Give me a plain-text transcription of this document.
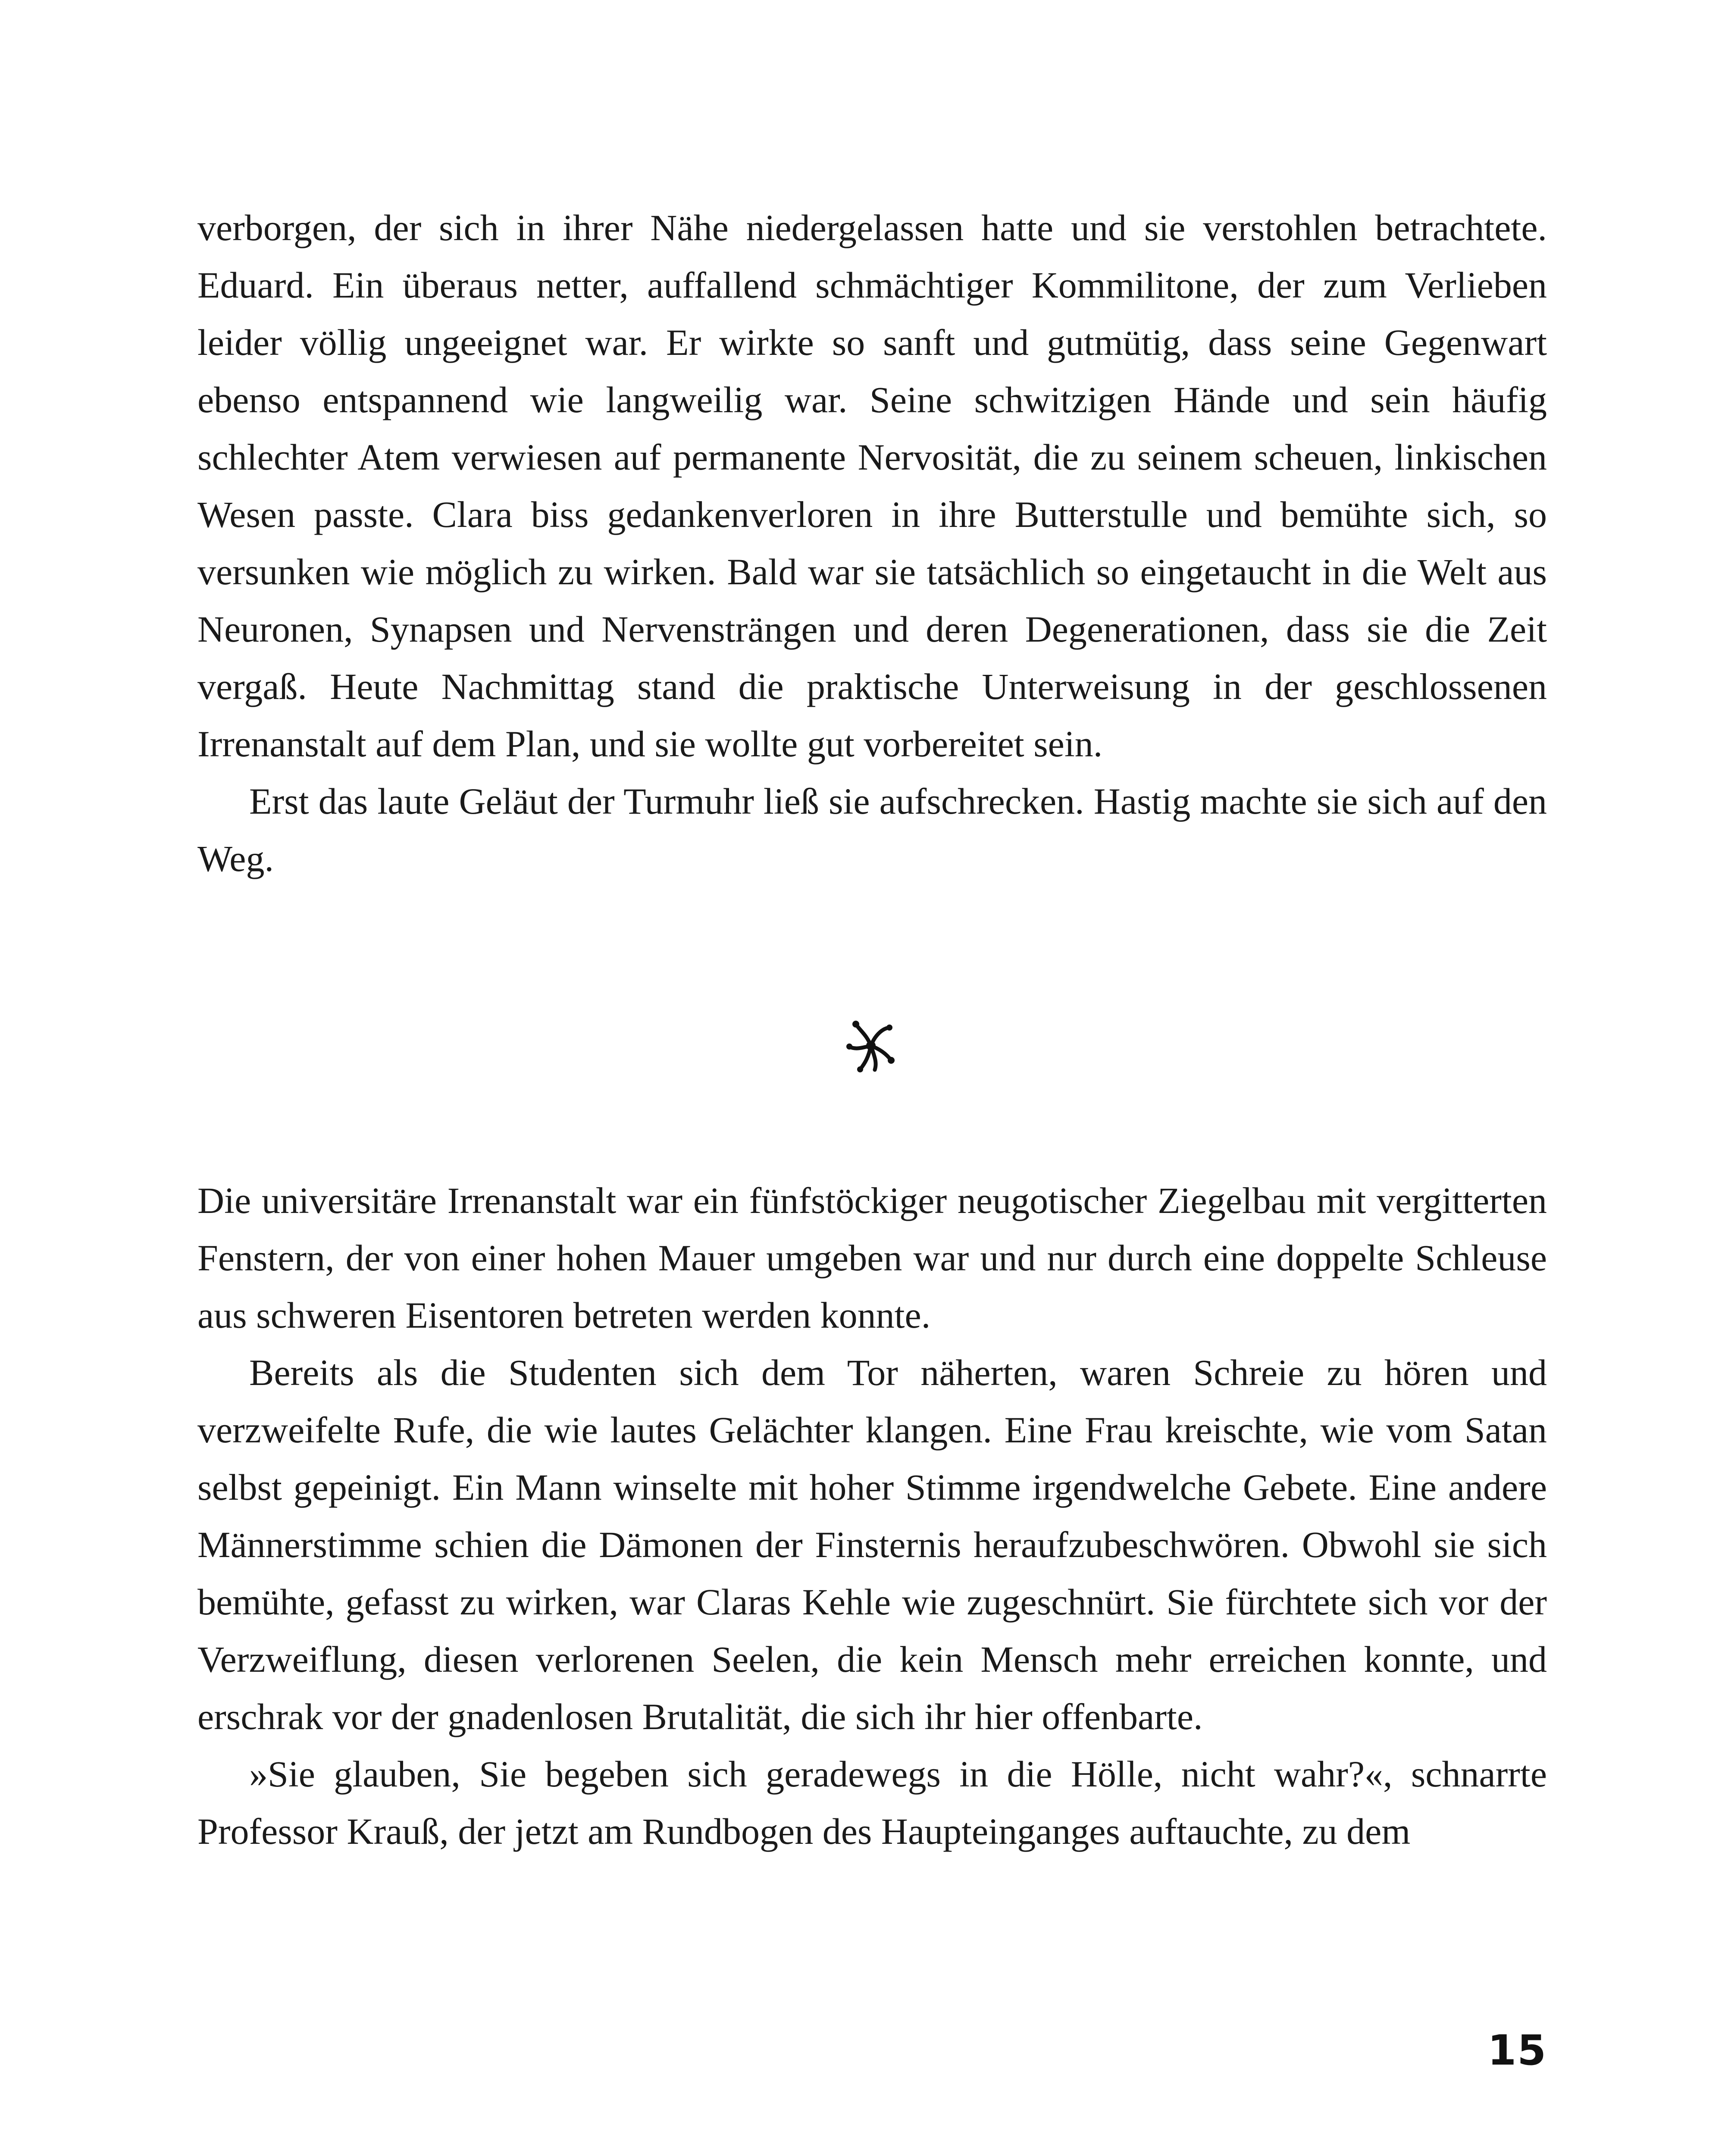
verborgen, der sich in ihrer Nähe niedergelassen hatte und sie verstohlen betrachtete. Eduard. Ein überaus netter, auffallend schmächtiger Kommilitone, der zum Verlieben leider völlig ungeeignet war. Er wirkte so sanft und gutmütig, dass seine Gegenwart ebenso entspannend wie langweilig war. Seine schwitzigen Hände und sein häufig schlechter Atem verwiesen auf permanente Nervosität, die zu seinem scheuen, linkischen Wesen passte. Clara biss gedankenverloren in ihre Butterstulle und bemühte sich, so versunken wie möglich zu wirken. Bald war sie tatsächlich so eingetaucht in die Welt aus Neuronen, Synapsen und Nervensträngen und deren Degenerationen, dass sie die Zeit vergaß. Heute Nachmittag stand die praktische Unterweisung in der geschlossenen Irrenanstalt auf dem Plan, und sie wollte gut vorbereitet sein.

Erst das laute Geläut der Turmuhr ließ sie aufschrecken. Hastig machte sie sich auf den Weg.

Die universitäre Irrenanstalt war ein fünfstöckiger neugotischer Ziegelbau mit vergitterten Fenstern, der von einer hohen Mauer umgeben war und nur durch eine doppelte Schleuse aus schweren Eisentoren betreten werden konnte.

Bereits als die Studenten sich dem Tor näherten, waren Schreie zu hören und verzweifelte Rufe, die wie lautes Gelächter klangen. Eine Frau kreischte, wie vom Satan selbst gepeinigt. Ein Mann winselte mit hoher Stimme irgendwelche Gebete. Eine andere Männerstimme schien die Dämonen der Finsternis heraufzubeschwören. Obwohl sie sich bemühte, gefasst zu wirken, war Claras Kehle wie zugeschnürt. Sie fürchtete sich vor der Verzweiflung, diesen verlorenen Seelen, die kein Mensch mehr erreichen konnte, und erschrak vor der gnadenlosen Brutalität, die sich ihr hier offenbarte.

»Sie glauben, Sie begeben sich geradewegs in die Hölle, nicht wahr?«, schnarrte Professor Krauß, der jetzt am Rundbogen des Haupteinganges auftauchte, zu dem

15
